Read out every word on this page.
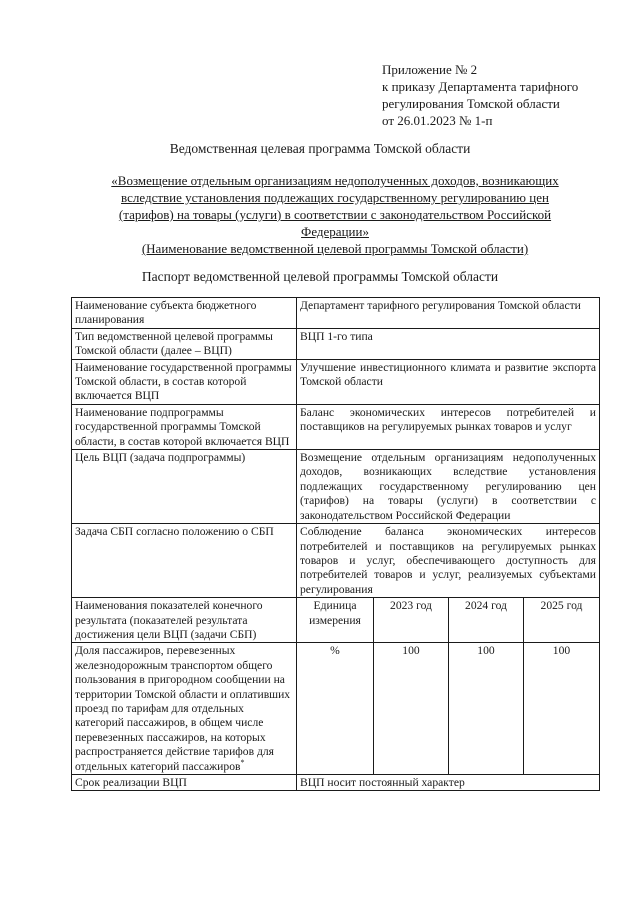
Приложение № 2
к приказу Департамента тарифного
регулирования Томской области
от 26.01.2023 № 1-п
Ведомственная целевая программа Томской области
«Возмещение отдельным организациям недополученных доходов, возникающих
вследствие установления подлежащих государственному регулированию цен
(тарифов) на товары (услуги) в соответствии с законодательством Российской
Федерации»
(Наименование ведомственной целевой программы Томской области)
Паспорт ведомственной целевой программы Томской области
Наименование субъекта бюджетного планирования	Департамент тарифного регулирования Томской области			
Тип ведомственной целевой программы Томской области (далее – ВЦП)	ВЦП 1-го типа			
Наименование государственной программы Томской области, в состав которой включается ВЦП	Улучшение инвестиционного климата и развитие экспорта Томской области			
Наименование подпрограммы государственной программы Томской области, в состав которой включается ВЦП	Баланс экономических интересов потребителей и поставщиков на регулируемых рынках товаров и услуг			
Цель ВЦП (задача подпрограммы)	Возмещение отдельным организациям недополученных доходов, возникающих вследствие установления подлежащих государственному регулированию цен (тарифов) на товары (услуги) в соответствии с законодательством Российской Федерации			
Задача СБП согласно положению о СБП	Соблюдение баланса экономических интересов потребителей и поставщиков на регулируемых рынках товаров и услуг, обеспечивающего доступность для потребителей товаров и услуг, реализуемых субъектами регулирования			
Наименования показателей конечного результата (показателей результата достижения цели ВЦП (задачи СБП)	Единица измерения	2023 год	2024 год	2025 год
Доля пассажиров, перевезенных железнодорожным транспортом общего пользования в пригородном сообщении на территории Томской области и оплативших проезд по тарифам для отдельных категорий пассажиров, в общем числе перевезенных пассажиров, на которых распространяется действие тарифов для отдельных категорий пассажиров*	%	100	100	100
Срок реализации ВЦП	ВЦП носит постоянный характер			
